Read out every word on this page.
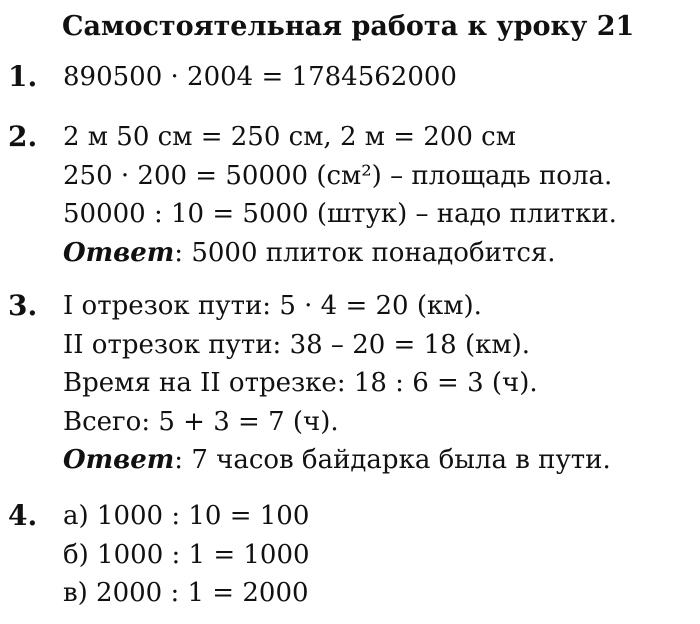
Самостоятельная работа к уроку 21
1. 890500 · 2004 = 1784562000
2. 2 м 50 см = 250 см, 2 м = 200 см
250 · 200 = 50000 (см²) – площадь пола.
50000 : 10 = 5000 (штук) – надо плитки.
Ответ: 5000 плиток понадобится.
3. I отрезок пути: 5 · 4 = 20 (км).
II отрезок пути: 38 – 20 = 18 (км).
Время на II отрезке: 18 : 6 = 3 (ч).
Всего: 5 + 3 = 7 (ч).
Ответ: 7 часов байдарка была в пути.
4. а) 1000 : 10 = 100
б) 1000 : 1 = 1000
в) 2000 : 1 = 2000
